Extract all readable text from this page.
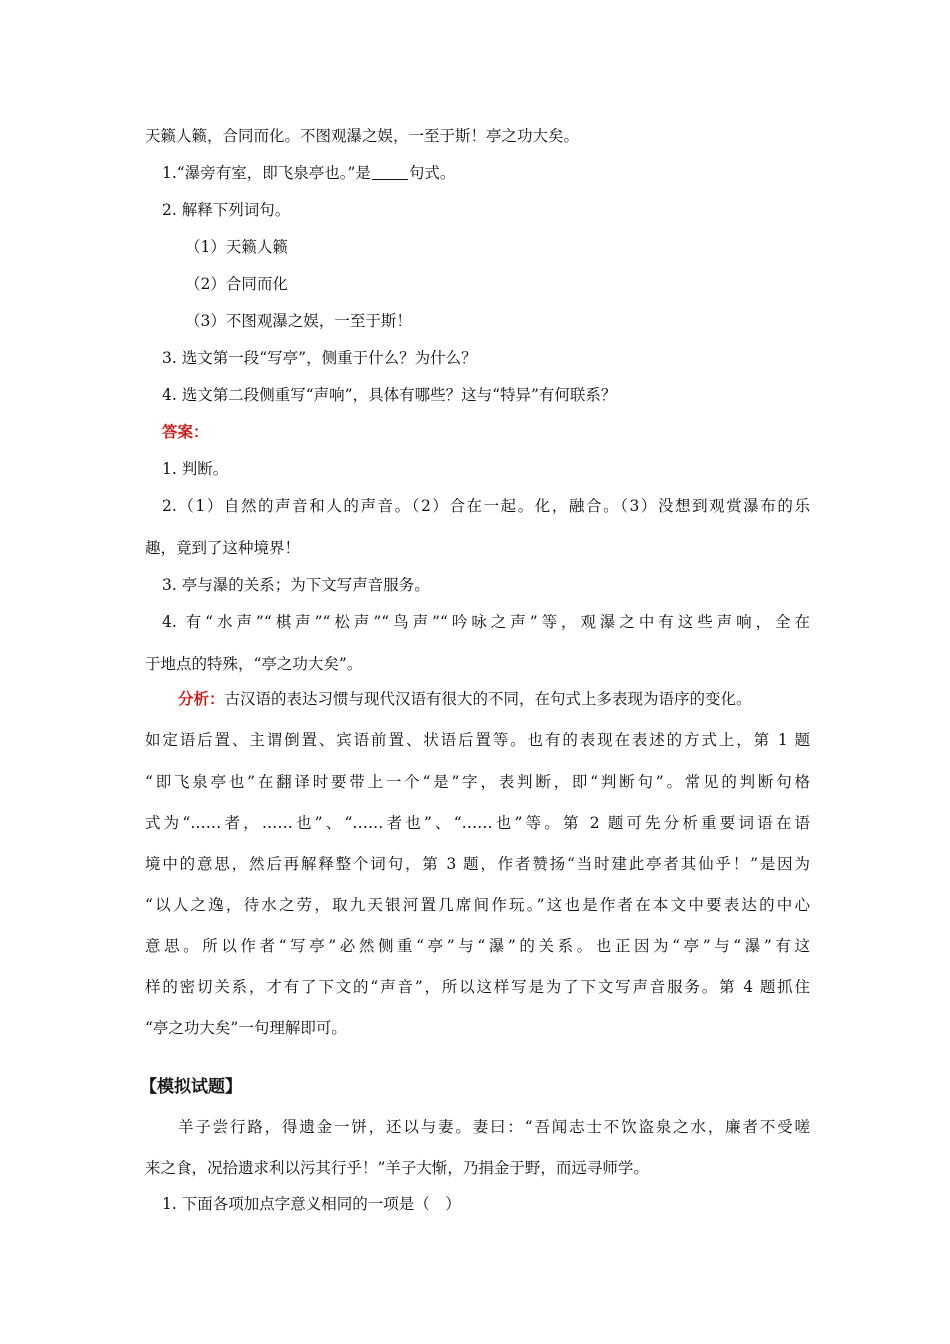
天籁人籁，合同而化。不图观瀑之娱，一至于斯！亭之功大矣。
1.“瀑旁有室，即飞泉亭也。”是 句式。
2. 解释下列词句。
（1）天籁人籁
（2）合同而化
（3）不图观瀑之娱，一至于斯！
3. 选文第一段“写亭”，侧重于什么？为什么？
4. 选文第二段侧重写“声响”，具体有哪些？这与“特异”有何联系？
答案：
1. 判断。
2.（1）自然的声音和人的声音。（2）合在一起。化，融合。（3）没想到观赏瀑布的乐
趣，竟到了这种境界！
3. 亭与瀑的关系；为下文写声音服务。
4. 有“水声”“棋声”“松声”“鸟声”“吟咏之声”等，观瀑之中有这些声响，全在
于地点的特殊，“亭之功大矣”。
分析：古汉语的表达习惯与现代汉语有很大的不同，在句式上多表现为语序的变化。
如定语后置、主谓倒置、宾语前置、状语后置等。也有的表现在表述的方式上，第 1 题
“即飞泉亭也”在翻译时要带上一个“是”字，表判断，即“判断句”。常见的判断句格
式为“……者，……也”、“……者也”、“……也”等。第 2 题可先分析重要词语在语
境中的意思，然后再解释整个词句，第 3 题，作者赞扬“当时建此亭者其仙乎！”是因为
“以人之逸，待水之劳，取九天银河置几席间作玩。”这也是作者在本文中要表达的中心
意思。所以作者“写亭”必然侧重“亭”与“瀑”的关系。也正因为“亭”与“瀑”有这
样的密切关系，才有了下文的“声音”，所以这样写是为了下文写声音服务。第 4 题抓住
“亭之功大矣”一句理解即可。
【模拟试题】
羊子尝行路，得遗金一饼，还以与妻。妻曰：“吾闻志士不饮盗泉之水，廉者不受嗟
来之食，况拾遗求利以污其行乎！”羊子大惭，乃捐金于野，而远寻师学。
1. 下面各项加点字意义相同的一项是（　）
